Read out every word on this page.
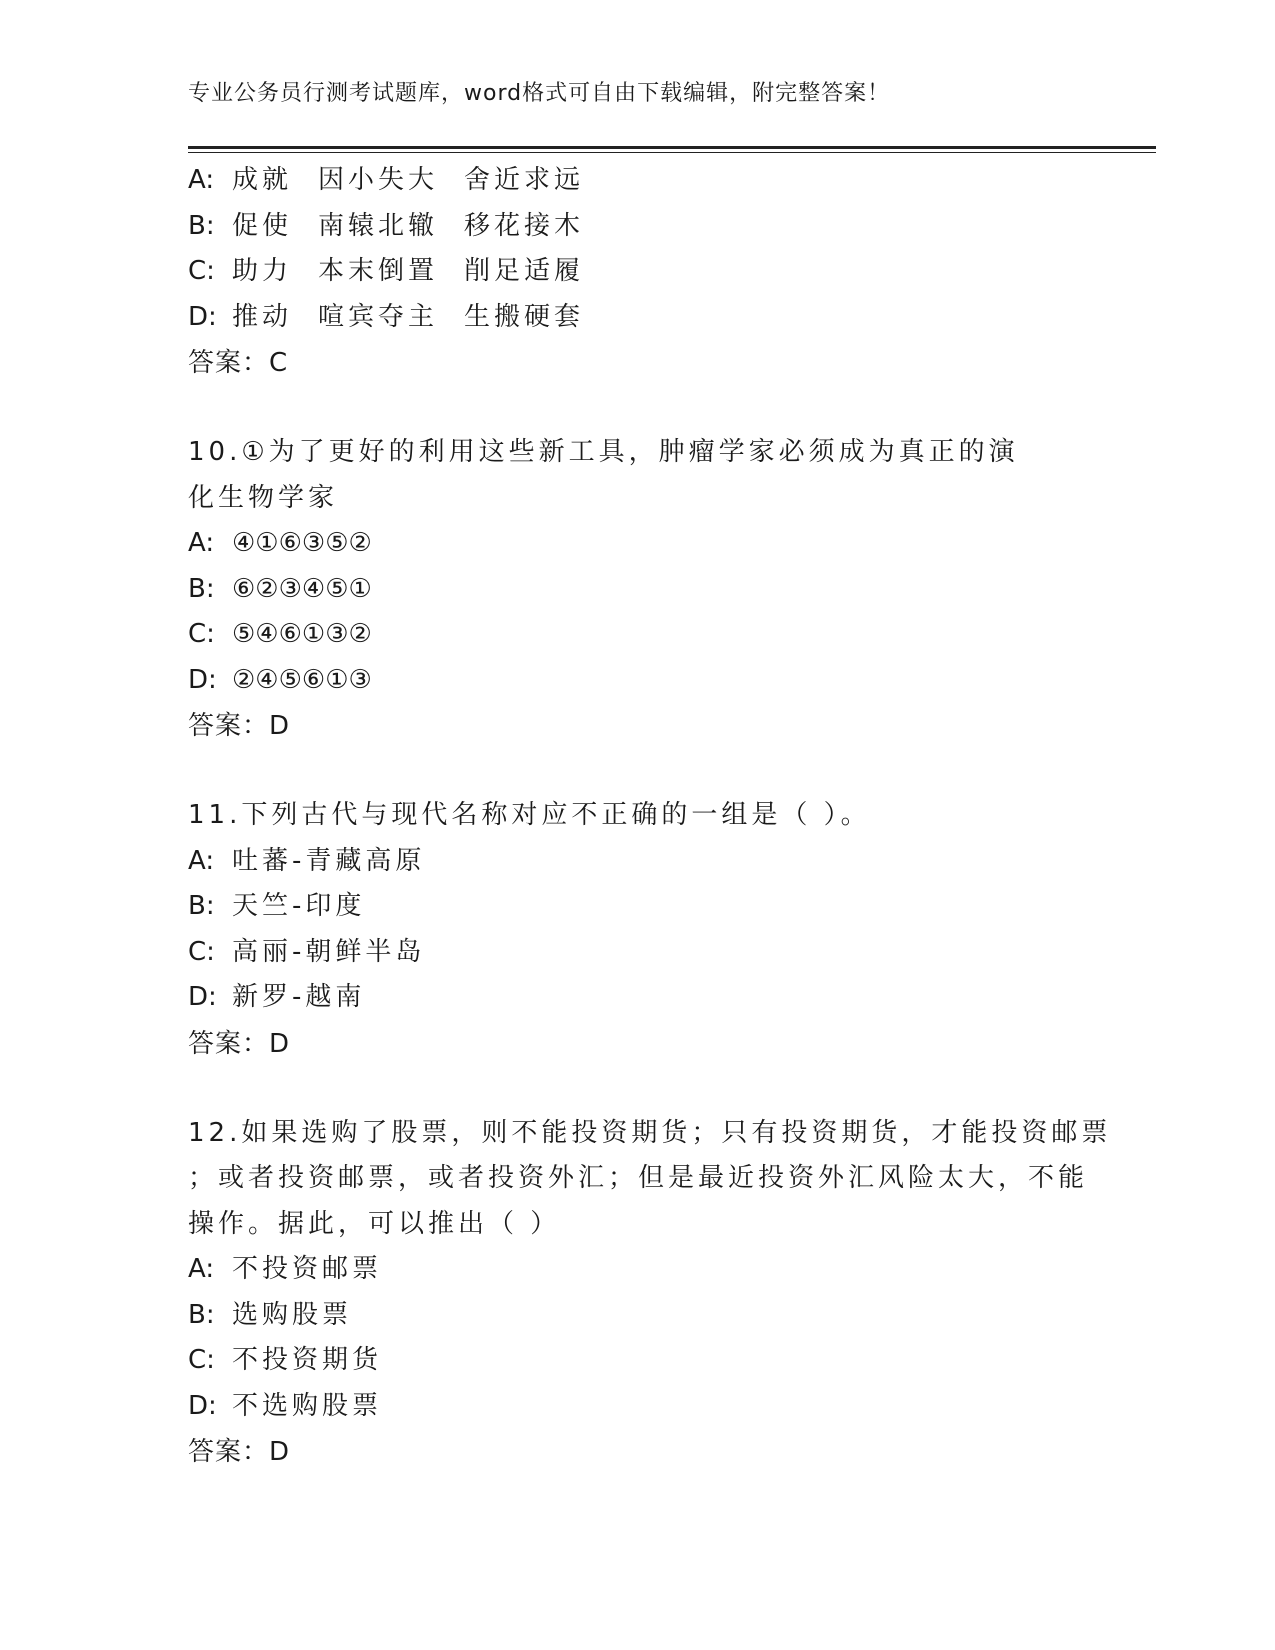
专业公务员行测考试题库，word格式可自由下载编辑，附完整答案！
A: 成就 因小失大 舍近求远
B: 促使 南辕北辙 移花接木
C: 助力 本末倒置 削足适履
D: 推动 喧宾夺主 生搬硬套
答案：C
10.①为了更好的利用这些新工具，肿瘤学家必须成为真正的演化生物学家
A: ④①⑥③⑤②
B: ⑥②③④⑤①
C: ⑤④⑥①③②
D: ②④⑤⑥①③
答案：D
11.下列古代与现代名称对应不正确的一组是（ ）。
A: 吐蕃-青藏高原
B: 天竺-印度
C: 高丽-朝鲜半岛
D: 新罗-越南
答案：D
12.如果选购了股票，则不能投资期货；只有投资期货，才能投资邮票
；或者投资邮票，或者投资外汇；但是最近投资外汇风险太大，不能
操作。据此，可以推出（ ）
A: 不投资邮票
B: 选购股票
C: 不投资期货
D: 不选购股票
答案：D
